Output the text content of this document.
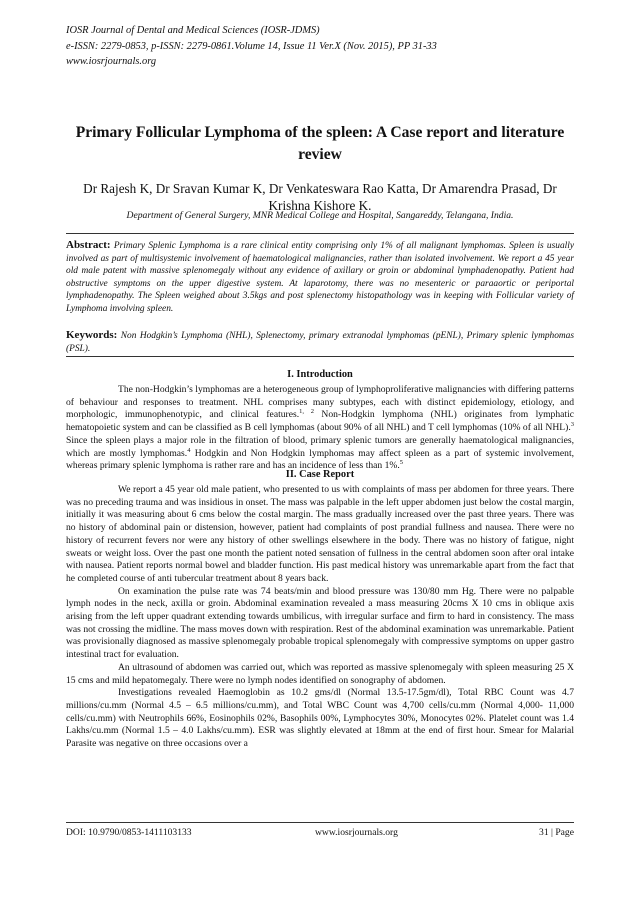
IOSR Journal of Dental and Medical Sciences (IOSR-JDMS)
e-ISSN: 2279-0853, p-ISSN: 2279-0861.Volume 14, Issue 11 Ver.X (Nov. 2015), PP 31-33
www.iosrjournals.org
Primary Follicular Lymphoma of the spleen: A Case report and literature review
Dr Rajesh K, Dr Sravan Kumar K, Dr Venkateswara Rao Katta, Dr Amarendra Prasad, Dr Krishna Kishore K.
Department of General Surgery, MNR Medical College and Hospital, Sangareddy, Telangana, India.
Abstract: Primary Splenic Lymphoma is a rare clinical entity comprising only 1% of all malignant lymphomas. Spleen is usually involved as part of multisystemic involvement of haematological malignancies, rather than isolated involvement. We report a 45 year old male patent with massive splenomegaly without any evidence of axillary or groin or abdominal lymphadenopathy. Patient had obstructive symptoms on the upper digestive system. At laparotomy, there was no mesenteric or paraaortic or periportal lymphadenopathy. The Spleen weighed about 3.5kgs and post splenectomy histopathology was in keeping with Follicular variety of Lymphoma involving spleen.
Keywords: Non Hodgkin’s Lymphoma (NHL), Splenectomy, primary extranodal lymphomas (pENL), Primary splenic lymphomas (PSL).
I. Introduction

The non-Hodgkin’s lymphomas are a heterogeneous group of lymphoproliferative malignancies with differing patterns of behaviour and responses to treatment. NHL comprises many subtypes, each with distinct epidemiology, etiology, and morphologic, immunophenotypic, and clinical features.$^{1, 2}$ Non-Hodgkin lymphoma (NHL) originates from lymphatic hematopoietic system and can be classified as B cell lymphomas (about 90% of all NHL) and T cell lymphomas (10% of all NHL).$^3$ Since the spleen plays a major role in the filtration of blood, primary splenic tumors are generally haematological malignancies, which are mostly lymphomas.$^4$ Hodgkin and Non Hodgkin lymphomas may affect spleen as a part of systemic involvement, whereas primary splenic lymphoma is rather rare and has an incidence of less than 1%.$^5$

II. Case Report

We report a 45 year old male patient, who presented to us with complaints of mass per abdomen for three years. There was no preceding trauma and was insidious in onset. The mass was palpable in the left upper abdomen just below the costal margin, initially it was measuring about 6 cms below the costal margin. The mass gradually increased over the past three years. There was no history of abdominal pain or distension, however, patient had complaints of post prandial fullness and nausea. There were no history of recurrent fevers nor were any history of other swellings elsewhere in the body. There was no history of fatigue, night sweats or weight loss. Over the past one month the patient noted sensation of fullness in the central abdomen soon after oral intake with nausea. Patient reports normal bowel and bladder function. His past medical history was unremarkable apart from the fact that he completed course of anti tubercular treatment about 8 years back.

On examination the pulse rate was 74 beats/min and blood pressure was 130/80 mm Hg. There were no palpable lymph nodes in the neck, axilla or groin. Abdominal examination revealed a mass measuring 20cms X 10 cms in oblique axis arising from the left upper quadrant extending towards umbilicus, with irregular surface and firm to hard in consistency. The mass was not crossing the midline. The mass moves down with respiration. Rest of the abdominal examination was unremarkable. Patient was provisionally diagnosed as massive splenomegaly probable tropical splenomegaly with compressive symptoms on upper gastro intestinal tract for evaluation.

An ultrasound of abdomen was carried out, which was reported as massive splenomegaly with spleen measuring 25 X 15 cms and mild hepatomegaly. There were no lymph nodes identified on sonography of abdomen.

Investigations revealed Haemoglobin as 10.2 gms/dl (Normal 13.5-17.5gm/dl), Total RBC Count was 4.7 millions/cu.mm (Normal 4.5 – 6.5 millions/cu.mm), and Total WBC Count was 4,700 cells/cu.mm (Normal 4,000- 11,000 cells/cu.mm) with Neutrophils 66%, Eosinophils 02%, Basophils 00%, Lymphocytes 30%, Monocytes 02%. Platelet count was 1.4 Lakhs/cu.mm (Normal 1.5 – 4.0 Lakhs/cu.mm). ESR was slightly elevated at 18mm at the end of first hour. Smear for Malarial Parasite was negative on three occasions over a

DOI: 10.9790/0853-1411103133	www.iosrjournals.org	31 | Page
